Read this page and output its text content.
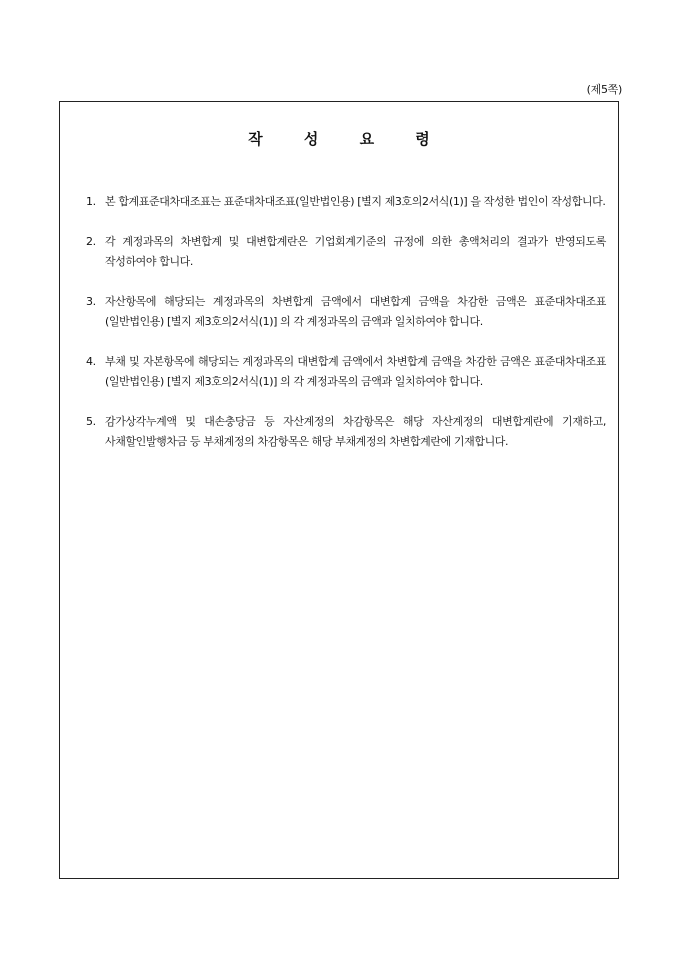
(제5쪽)
작 성 요 령
1. 본 합계표준대차대조표는 표준대차대조표(일반법인용) [별지 제3호의2서식(1)] 을 작성한 법인이 작성합니다.
2. 각 계정과목의 차변합계 및 대변합계란은 기업회계기준의 규정에 의한 총액처리의 결과가 반영되도록 작성하여야 합니다.
3. 자산항목에 해당되는 계정과목의 차변합계 금액에서 대변합계 금액을 차감한 금액은 표준대차대조표(일반법인용) [별지 제3호의2서식(1)] 의 각 계정과목의 금액과 일치하여야 합니다.
4. 부채 및 자본항목에 해당되는 계정과목의 대변합계 금액에서 차변합계 금액을 차감한 금액은 표준대차대조표(일반법인용) [별지 제3호의2서식(1)] 의 각 계정과목의 금액과 일치하여야 합니다.
5. 감가상각누계액 및 대손충당금 등 자산계정의 차감항목은 해당 자산계정의 대변합계란에 기재하고, 사채할인발행차금 등 부채계정의 차감항목은 해당 부채계정의 차변합계란에 기재합니다.
